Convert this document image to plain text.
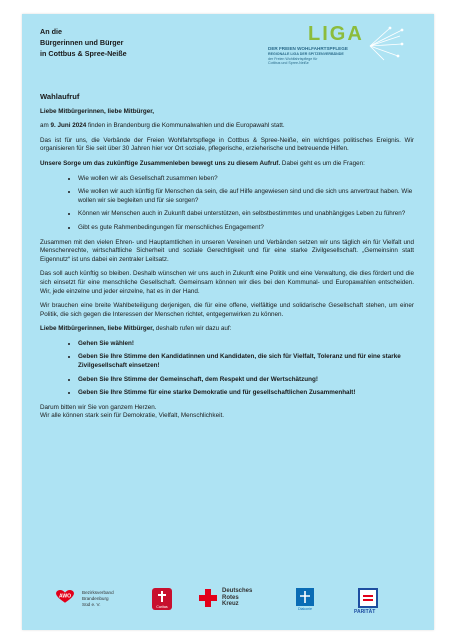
An die
Bürgerinnen und Bürger
in Cottbus & Spree-Neiße
LIGA
DER FREIEN WOHLFAHRTSPFLEGE
REGIONALE LIGA DER SPITZENVERBÄNDE
der Freien Wohlfahrtspflege für
Cottbus und Spree-Neiße

Wahlaufruf

Liebe Mitbürgerinnen, liebe Mitbürger,

am 9. Juni 2024 finden in Brandenburg die Kommunalwahlen und die Europawahl statt.

Das ist für uns, die Verbände der Freien Wohlfahrtspflege in Cottbus & Spree-Neiße, ein wichtiges politisches Ereignis. Wir organisieren für Sie seit über 30 Jahren hier vor Ort soziale, pflegerische, erzieherische und betreuende Hilfen.

Unsere Sorge um das zukünftige Zusammenleben bewegt uns zu diesem Aufruf. Dabei geht es um die Fragen:

• Wie wollen wir als Gesellschaft zusammen leben?
• Wie wollen wir auch künftig für Menschen da sein, die auf Hilfe angewiesen sind und die sich uns anvertraut haben. Wie wollen wir sie begleiten und für sie sorgen?
• Können wir Menschen auch in Zukunft dabei unterstützen, ein selbstbestimmtes und unabhängiges Leben zu führen?
• Gibt es gute Rahmenbedingungen für menschliches Engagement?

Zusammen mit den vielen Ehren- und Hauptamtlichen in unseren Vereinen und Verbänden setzen wir uns täglich ein für Vielfalt und Menschenrechte, wirtschaftliche Sicherheit und soziale Gerechtigkeit und für eine starke Zivilgesellschaft. „Gemeinsinn statt Eigennutz“ ist uns dabei ein zentraler Leitsatz.

Das soll auch künftig so bleiben. Deshalb wünschen wir uns auch in Zukunft eine Politik und eine Verwaltung, die dies fördert und die sich einsetzt für eine menschliche Gesellschaft. Gemeinsam können wir dies bei den Kommunal- und Europawahlen entscheiden. Wir, jede einzelne und jeder einzelne, hat es in der Hand.

Wir brauchen eine breite Wahlbeteiligung derjenigen, die für eine offene, vielfältige und solidarische Gesellschaft stehen, um einer Politik, die sich gegen die Interessen der Menschen richtet, entgegenwirken zu können.

Liebe Mitbürgerinnen, liebe Mitbürger, deshalb rufen wir dazu auf:

• Gehen Sie wählen!
• Geben Sie Ihre Stimme den Kandidatinnen und Kandidaten, die sich für Vielfalt, Toleranz und für eine starke Zivilgesellschaft einsetzen!
• Geben Sie Ihre Stimme der Gemeinschaft, dem Respekt und der Wertschätzung!
• Geben Sie Ihre Stimme für eine starke Demokratie und für gesellschaftlichen Zusammenhalt!

Darum bitten wir Sie von ganzem Herzen.

Wir alle können stark sein für Demokratie, Vielfalt, Menschlichkeit.

AWO
Bezirksverband
Brandenburg Süd e. V.	Caritas
Deutsches
Rotes
Kreuz
Diakonie	PARITÄT
